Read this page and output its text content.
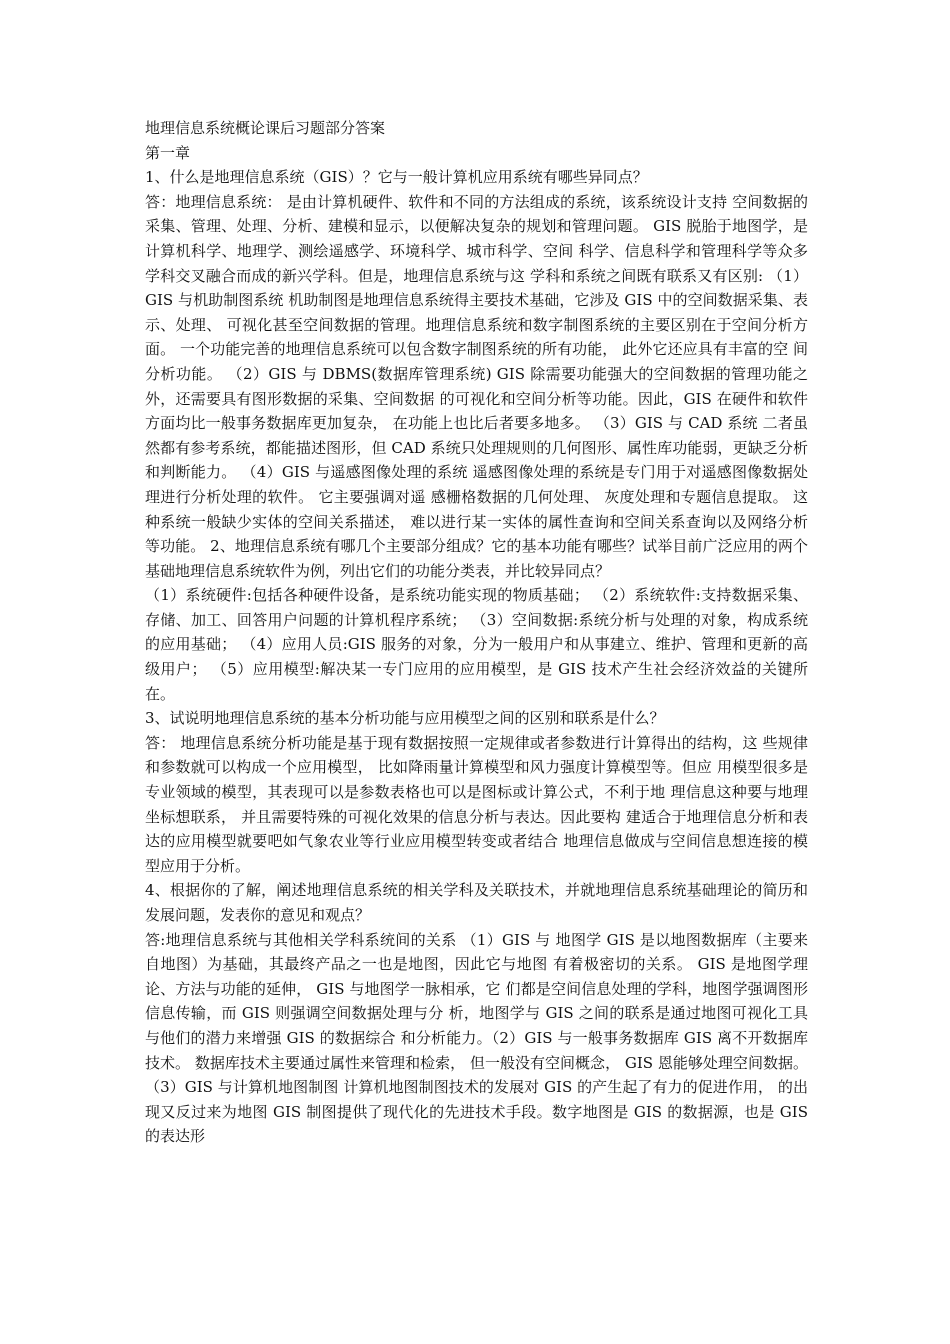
地理信息系统概论课后习题部分答案
第一章

1、什么是地理信息系统（GIS）？它与一般计算机应用系统有哪些异同点？

答：地理信息系统： 是由计算机硬件、软件和不同的方法组成的系统，该系统设计支持 空间数据的采集、管理、处理、分析、建模和显示，以便解决复杂的规划和管理问题。 GIS 脱胎于地图学，是计算机科学、地理学、测绘遥感学、环境科学、城市科学、空间 科学、信息科学和管理科学等众多学科交叉融合而成的新兴学科。但是，地理信息系统与这 学科和系统之间既有联系又有区别: （1） GIS 与机助制图系统 机助制图是地理信息系统得主要技术基础，它涉及 GIS 中的空间数据采集、表示、处理、 可视化甚至空间数据的管理。地理信息系统和数字制图系统的主要区别在于空间分析方面。 一个功能完善的地理信息系统可以包含数字制图系统的所有功能， 此外它还应具有丰富的空 间分析功能。 （2）GIS 与 DBMS(数据库管理系统) GIS 除需要功能强大的空间数据的管理功能之外，还需要具有图形数据的采集、空间数据 的可视化和空间分析等功能。因此，GIS 在硬件和软件方面均比一般事务数据库更加复杂， 在功能上也比后者要多地多。 （3）GIS 与 CAD 系统 二者虽然都有参考系统，都能描述图形，但 CAD 系统只处理规则的几何图形、属性库功能弱，更缺乏分析和判断能力。 （4）GIS 与遥感图像处理的系统 遥感图像处理的系统是专门用于对遥感图像数据处理进行分析处理的软件。 它主要强调对遥 感栅格数据的几何处理、 灰度处理和专题信息提取。 这种系统一般缺少实体的空间关系描述， 难以进行某一实体的属性查询和空间关系查询以及网络分析等功能。 2、地理信息系统有哪几个主要部分组成？它的基本功能有哪些？试举目前广泛应用的两个基础地理信息系统软件为例，列出它们的功能分类表，并比较异同点？

（1）系统硬件:包括各种硬件设备，是系统功能实现的物质基础； （2）系统软件:支持数据采集、存储、加工、回答用户问题的计算机程序系统； （3）空间数据:系统分析与处理的对象，构成系统的应用基础； （4）应用人员:GIS 服务的对象，分为一般用户和从事建立、维护、管理和更新的高级用户； （5）应用模型:解决某一专门应用的应用模型，是 GIS 技术产生社会经济效益的关键所在。

3、试说明地理信息系统的基本分析功能与应用模型之间的区别和联系是什么？

答： 地理信息系统分析功能是基于现有数据按照一定规律或者参数进行计算得出的结构，这 些规律和参数就可以构成一个应用模型， 比如降雨量计算模型和风力强度计算模型等。但应 用模型很多是专业领域的模型，其表现可以是参数表格也可以是图标或计算公式，不利于地 理信息这种要与地理坐标想联系， 并且需要特殊的可视化效果的信息分析与表达。因此要构 建适合于地理信息分析和表达的应用模型就要吧如气象农业等行业应用模型转变或者结合 地理信息做成与空间信息想连接的模型应用于分析。

4、根据你的了解，阐述地理信息系统的相关学科及关联技术，并就地理信息系统基础理论的简历和发展问题，发表你的意见和观点？

答:地理信息系统与其他相关学科系统间的关系 （1）GIS 与 地图学 GIS 是以地图数据库（主要来自地图）为基础，其最终产品之一也是地图，因此它与地图 有着极密切的关系。 GIS 是地图学理论、方法与功能的延伸， GIS 与地图学一脉相承，它 们都是空间信息处理的学科，地图学强调图形信息传输，而 GIS 则强调空间数据处理与分 析，地图学与 GIS 之间的联系是通过地图可视化工具与他们的潜力来增强 GIS 的数据综合 和分析能力。（2）GIS 与一般事务数据库 GIS 离不开数据库技术。 数据库技术主要通过属性来管理和检索， 但一般没有空间概念， GIS 恩能够处理空间数据。（3）GIS 与计算机地图制图 计算机地图制图技术的发展对 GIS 的产生起了有力的促进作用， 的出现又反过来为地图 GIS 制图提供了现代化的先进技术手段。数字地图是 GIS 的数据源，也是 GIS 的表达形
